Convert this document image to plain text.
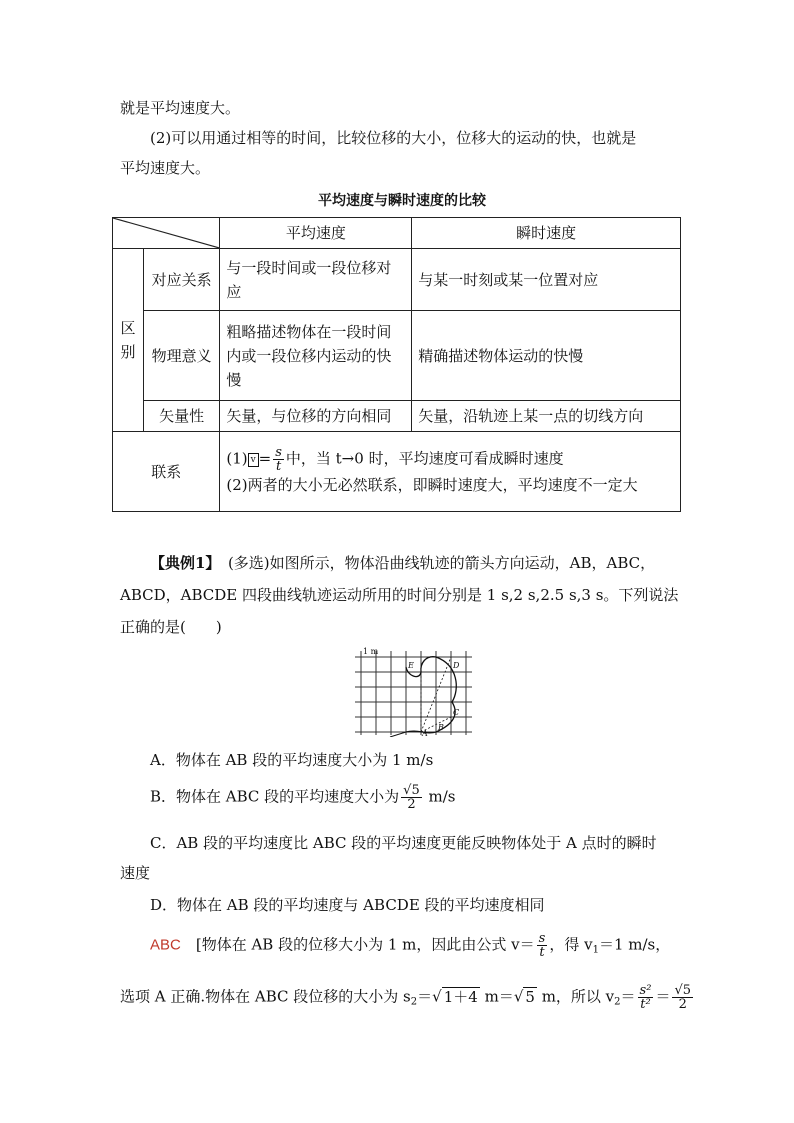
就是平均速度大。
(2)可以用通过相等的时间，比较位移的大小，位移大的运动的快，也就是
平均速度大。
平均速度与瞬时速度的比较
	平均速度	瞬时速度
区别	对应关系	与一段时间或一段位移对应	与某一时刻或某一位置对应
	物理意义	粗略描述物体在一段时间内或一段位移内运动的快慢	精确描述物体运动的快慢
	矢量性	矢量，与位移的方向相同	矢量，沿轨迹上某一点的切线方向
联系		(1) $v = \frac{s}{t}$ 中，当 t→0 时，平均速度可看成瞬时速度
(2)两者的大小无必然联系，即瞬时速度大，平均速度不一定大	
【典例1】　(多选)如图所示，物体沿曲线轨迹的箭头方向运动，AB，ABC，
ABCD，ABCDE 四段曲线轨迹运动所用的时间分别是 1 s,2 s,2.5 s,3 s。下列说法
正确的是(　　)
1 m
A
B
C
D
E
A．物体在 AB 段的平均速度大小为 1 m/s
B．物体在 ABC 段的平均速度大小为 $\frac{√5}{2} m/s$
C．AB 段的平均速度比 ABC 段的平均速度更能反映物体处于 A 点时的瞬时
速度
D．物体在 AB 段的平均速度与 ABCDE 段的平均速度相同
ABC　[物体在 AB 段的位移大小为 1 m，因此由公式 $v= \frac{s}{t}$ ，得 $v_1=1$ m/s，
选项 A 正确.物体在 ABC 段位移的大小为 $s_2=√$ 1＋4 m＝√ 5 m，所以 $v_2= \frac{\text{s²}}{\text{t²}} = \frac{√5}{2}$
